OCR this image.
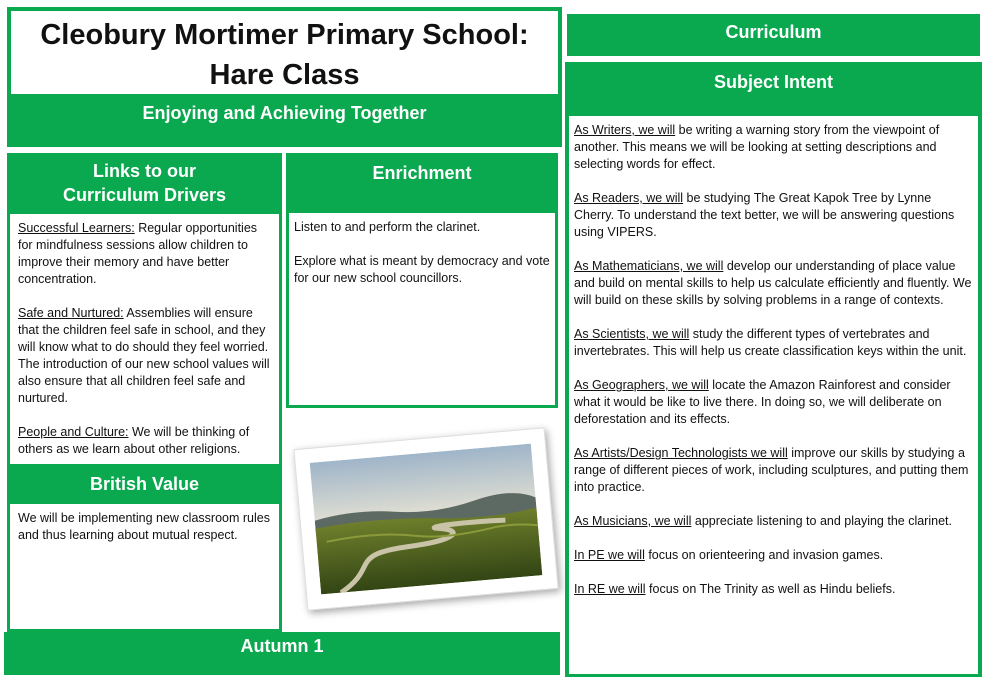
Cleobury Mortimer Primary School:
Hare Class
Enjoying and Achieving Together
Links to our
Curriculum Drivers

Successful Learners: Regular opportunities for mindfulness sessions allow children to improve their memory and have better concentration.

Safe and Nurtured: Assemblies will ensure that the children feel safe in school, and they will know what to do should they feel worried. The introduction of our new school values will also ensure that all children feel safe and nurtured.

People and Culture: We will be thinking of others as we learn about other religions.

British Value
We will be implementing new classroom rules and thus learning about mutual respect.
Enrichment

Listen to and perform the clarinet.

Explore what is meant by democracy and vote for our new school councillors.

Autumn 1
Curriculum
Subject Intent

As Writers, we will be writing a warning story from the viewpoint of another. This means we will be looking at setting descriptions and selecting words for effect.

As Readers, we will be studying The Great Kapok Tree by Lynne Cherry. To understand the text better, we will be answering questions using VIPERS.

As Mathematicians, we will develop our understanding of place value and build on mental skills to help us calculate efficiently and fluently. We will build on these skills by solving problems in a range of contexts.

As Scientists, we will study the different types of vertebrates and invertebrates. This will help us create classification keys within the unit.

As Geographers, we will locate the Amazon Rainforest and consider what it would be like to live there. In doing so, we will deliberate on deforestation and its effects.

As Artists/Design Technologists we will improve our skills by studying a range of different pieces of work, including sculptures, and putting them into practice.

As Musicians, we will appreciate listening to and playing the clarinet.

In PE we will focus on orienteering and invasion games.

In RE we will focus on The Trinity as well as Hindu beliefs.
